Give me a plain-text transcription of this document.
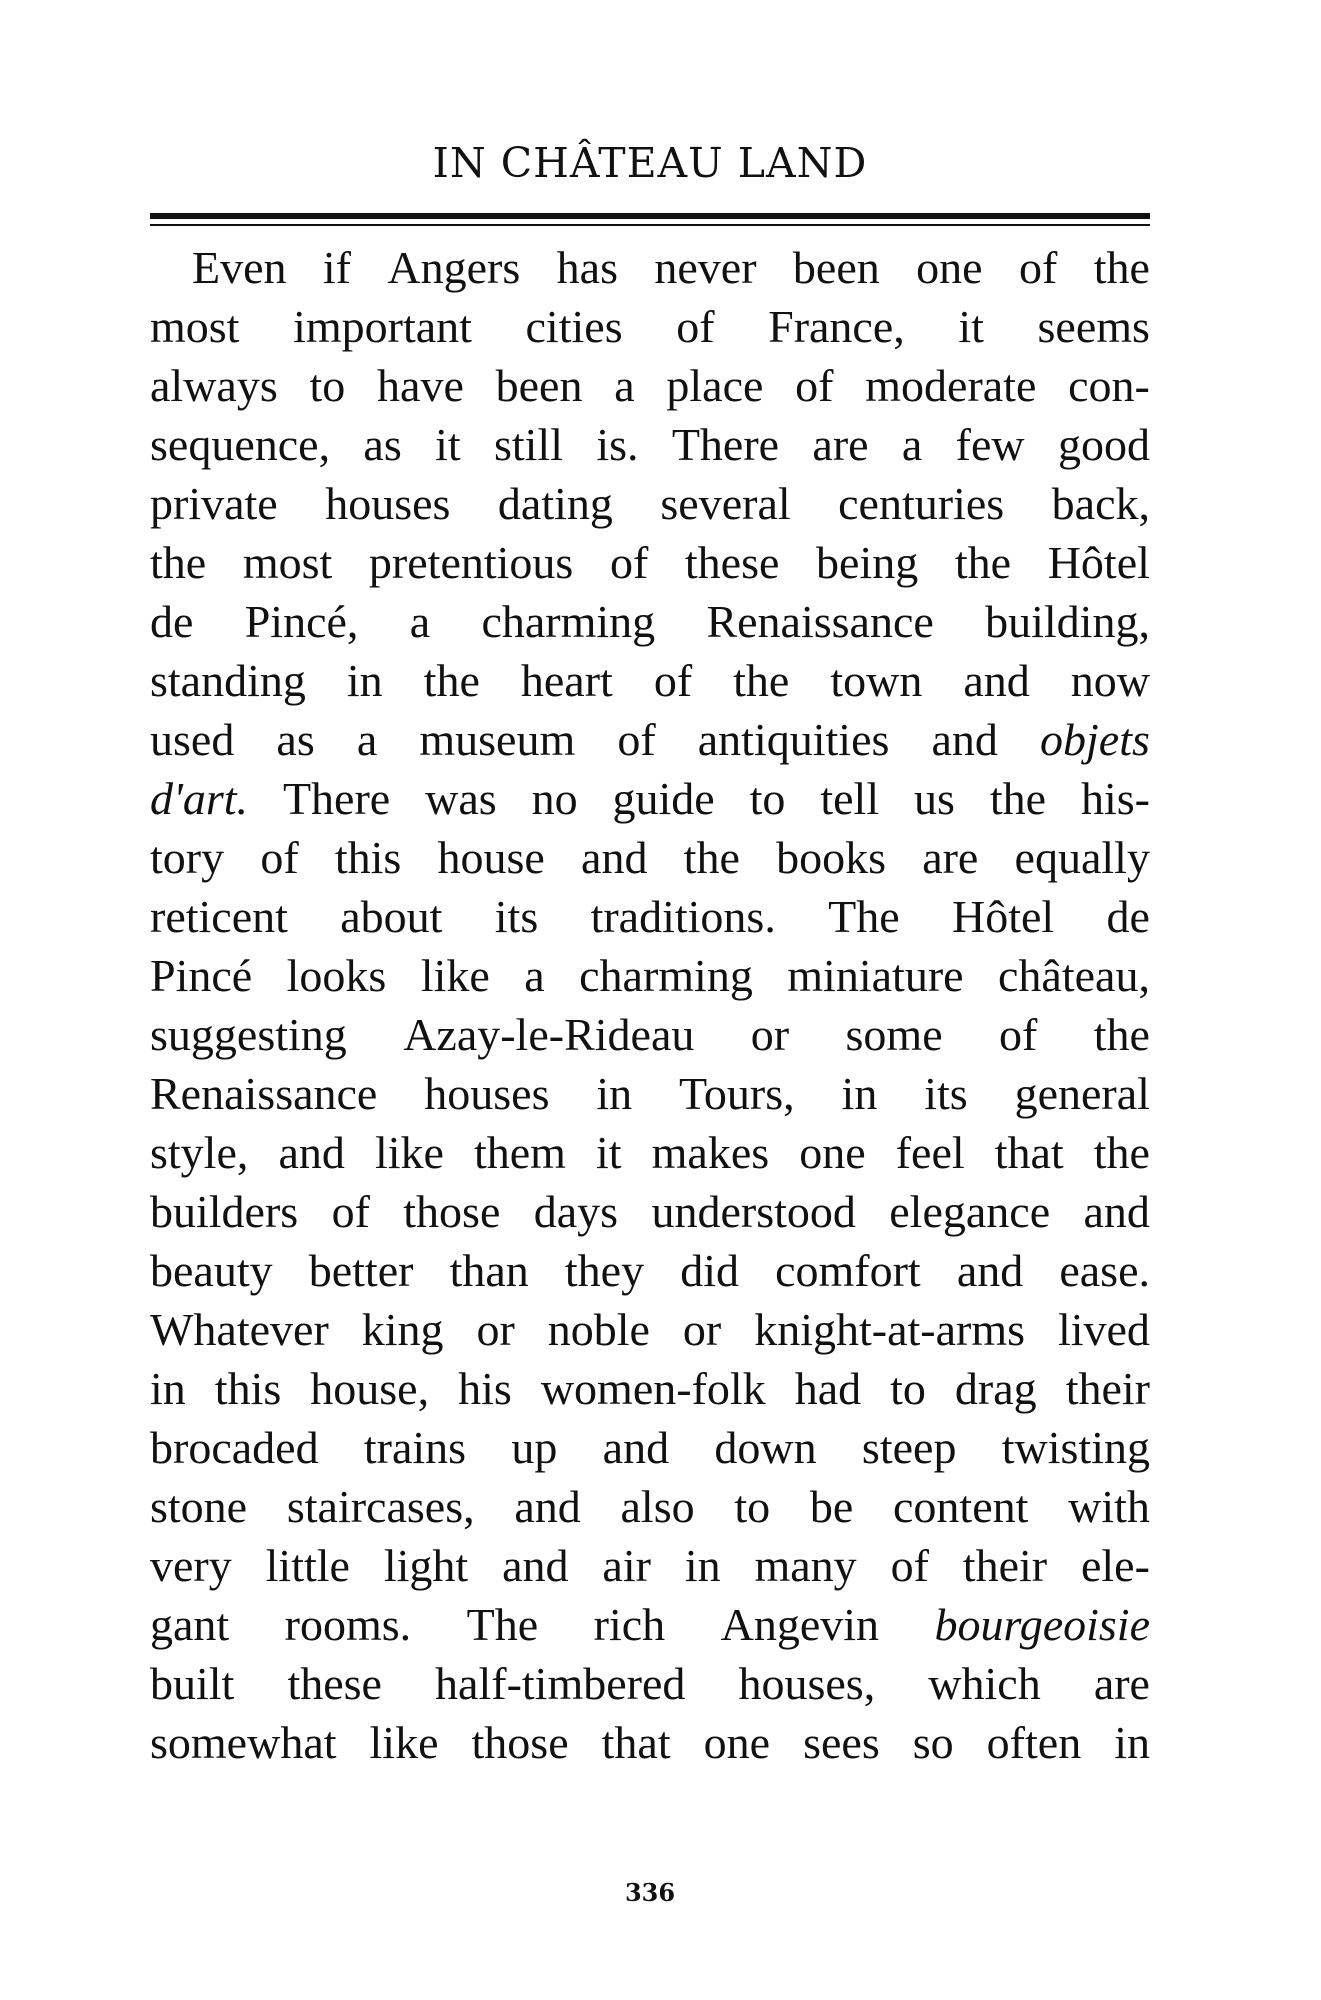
IN CHÂTEAU LAND
Even if Angers has never been one of the
most important cities of France, it seems
always to have been a place of moderate con-
sequence, as it still is. There are a few good
private houses dating several centuries back,
the most pretentious of these being the Hôtel
de Pincé, a charming Renaissance building,
standing in the heart of the town and now
used as a museum of antiquities and objets
d'art. There was no guide to tell us the his-
tory of this house and the books are equally
reticent about its traditions. The Hôtel de
Pincé looks like a charming miniature château,
suggesting Azay-le-Rideau or some of the
Renaissance houses in Tours, in its general
style, and like them it makes one feel that the
builders of those days understood elegance and
beauty better than they did comfort and ease.
Whatever king or noble or knight-at-arms lived
in this house, his women-folk had to drag their
brocaded trains up and down steep twisting
stone staircases, and also to be content with
very little light and air in many of their ele-
gant rooms. The rich Angevin bourgeoisie
built these half-timbered houses, which are
somewhat like those that one sees so often in

336
